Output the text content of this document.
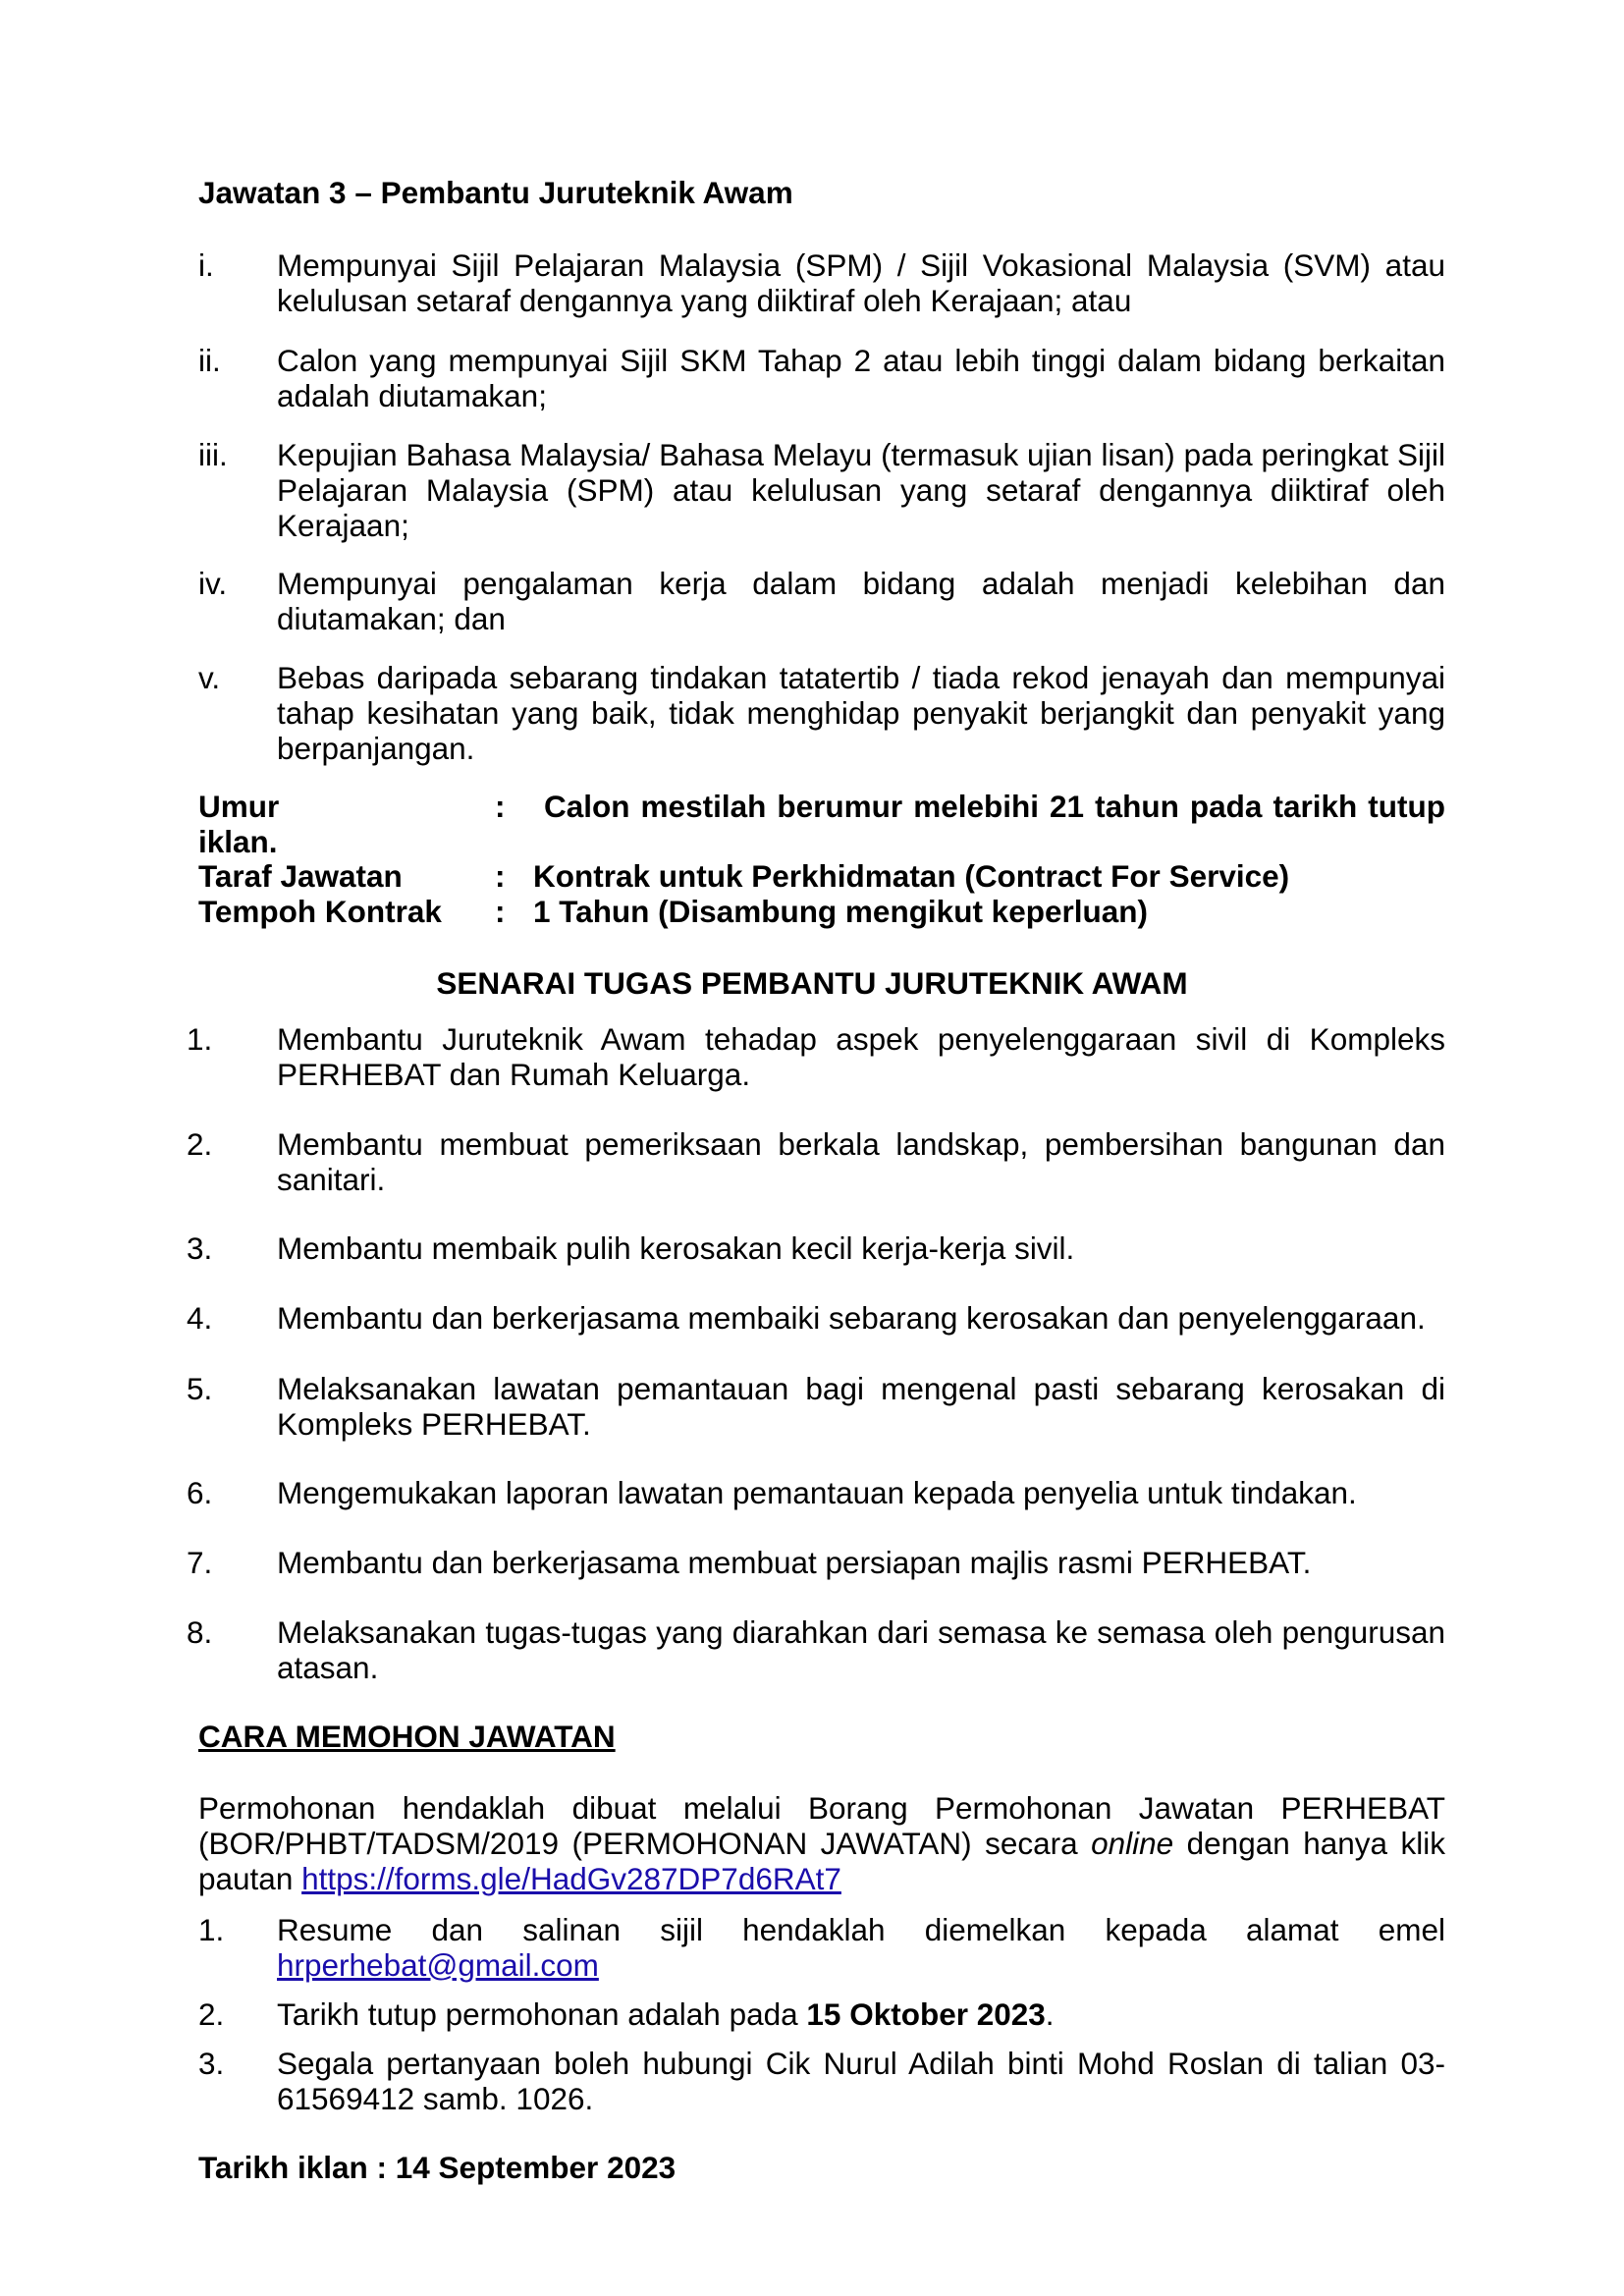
Jawatan 3 – Pembantu Juruteknik Awam
i. Mempunyai Sijil Pelajaran Malaysia (SPM) / Sijil Vokasional Malaysia (SVM) atau kelulusan setaraf dengannya yang diiktiraf oleh Kerajaan; atau
ii. Calon yang mempunyai Sijil SKM Tahap 2 atau lebih tinggi dalam bidang berkaitan adalah diutamakan;
iii. Kepujian Bahasa Malaysia/ Bahasa Melayu (termasuk ujian lisan) pada peringkat Sijil Pelajaran Malaysia (SPM) atau kelulusan yang setaraf dengannya diiktiraf oleh Kerajaan;
iv. Mempunyai pengalaman kerja dalam bidang adalah menjadi kelebihan dan diutamakan; dan
v. Bebas daripada sebarang tindakan tatatertib / tiada rekod jenayah dan mempunyai tahap kesihatan yang baik, tidak menghidap penyakit berjangkit dan penyakit yang berpanjangan.
Umur	: Calon mestilah berumur melebihi 21 tahun pada tarikh tutup
iklan.
Taraf Jawatan	: Kontrak untuk Perkhidmatan (Contract For Service)
Tempoh Kontrak : 1 Tahun (Disambung mengikut keperluan)
SENARAI TUGAS PEMBANTU JURUTEKNIK AWAM
1. Membantu Juruteknik Awam tehadap aspek penyelenggaraan sivil di Kompleks PERHEBAT dan Rumah Keluarga.
2. Membantu membuat pemeriksaan berkala landskap, pembersihan bangunan dan sanitari.
3. Membantu membaik pulih kerosakan kecil kerja-kerja sivil.
4. Membantu dan berkerjasama membaiki sebarang kerosakan dan penyelenggaraan.
5. Melaksanakan lawatan pemantauan bagi mengenal pasti sebarang kerosakan di Kompleks PERHEBAT.
6. Mengemukakan laporan lawatan pemantauan kepada penyelia untuk tindakan.
7. Membantu dan berkerjasama membuat persiapan majlis rasmi PERHEBAT.
8. Melaksanakan tugas-tugas yang diarahkan dari semasa ke semasa oleh pengurusan atasan.
CARA MEMOHON JAWATAN
Permohonan hendaklah dibuat melalui Borang Permohonan Jawatan PERHEBAT (BOR/PHBT/TADSM/2019 (PERMOHONAN JAWATAN) secara online dengan hanya klik pautan https://forms.gle/HadGv287DP7d6RAt7
1. Resume dan salinan sijil hendaklah diemelkan kepada alamat emel hrperhebat@gmail.com
2. Tarikh tutup permohonan adalah pada 15 Oktober 2023.
3. Segala pertanyaan boleh hubungi Cik Nurul Adilah binti Mohd Roslan di talian 03-61569412 samb. 1026.
Tarikh iklan : 14 September 2023
